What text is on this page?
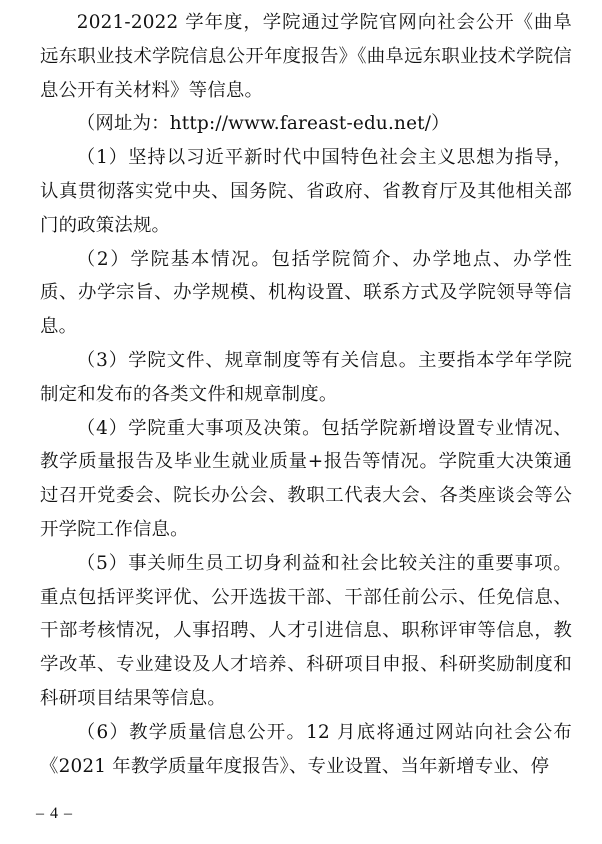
2021-2022 学年度，学院通过学院官网向社会公开《曲阜远东职业技术学院信息公开年度报告》《曲阜远东职业技术学院信息公开有关材料》等信息。

（网址为：http://www.fareast-edu.net/）

（1）坚持以习近平新时代中国特色社会主义思想为指导，认真贯彻落实党中央、国务院、省政府、省教育厅及其他相关部门的政策法规。

（2）学院基本情况。包括学院简介、办学地点、办学性质、办学宗旨、办学规模、机构设置、联系方式及学院领导等信息。

（3）学院文件、规章制度等有关信息。主要指本学年学院制定和发布的各类文件和规章制度。

（4）学院重大事项及决策。包括学院新增设置专业情况、教学质量报告及毕业生就业质量+报告等情况。学院重大决策通过召开党委会、院长办公会、教职工代表大会、各类座谈会等公开学院工作信息。

（5）事关师生员工切身利益和社会比较关注的重要事项。重点包括评奖评优、公开选拔干部、干部任前公示、任免信息、干部考核情况，人事招聘、人才引进信息、职称评审等信息，教学改革、专业建设及人才培养、科研项目申报、科研奖励制度和科研项目结果等信息。

（6）教学质量信息公开。12 月底将通过网站向社会公布《2021 年教学质量年度报告》、专业设置、当年新增专业、停

– 4 –
